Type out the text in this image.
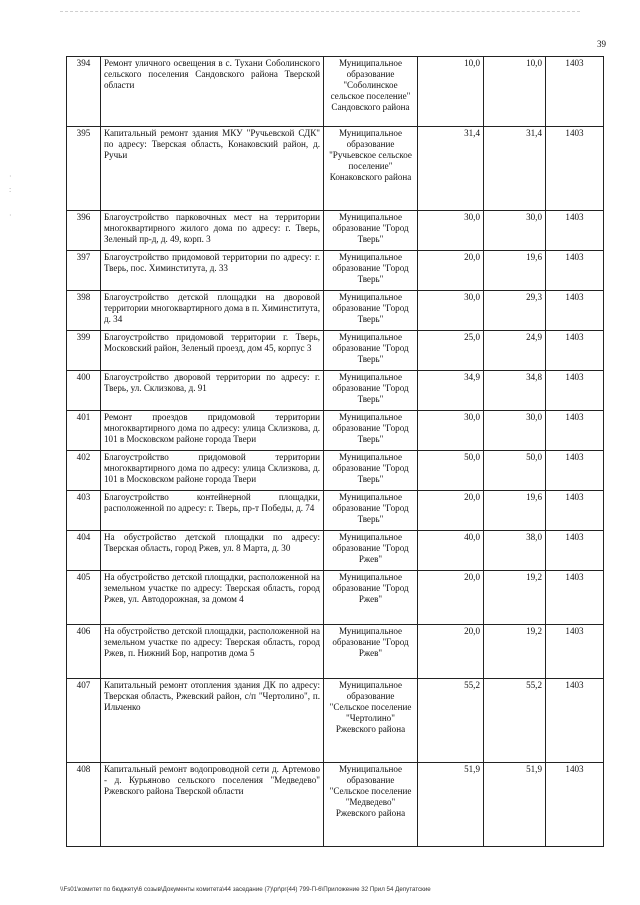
39
·
:

·
394	Ремонт уличного освещения в с. Тухани Соболинского сельского поселения Сандовского района Тверской области	Муниципальное образование "Соболинское сельское поселение" Сандовского района	10,0	10,0	1403
395	Капитальный ремонт здания МКУ "Ручьевской СДК" по адресу: Тверская область, Конаковский район, д. Ручьи	Муниципальное образование "Ручьевское сельское поселение" Конаковского района	31,4	31,4	1403
396	Благоустройство парковочных мест на территории многоквартирного жилого дома по адресу: г. Тверь, Зеленый пр-д, д. 49, корп. 3	Муниципальное образование "Город Тверь"	30,0	30,0	1403
397	Благоустройство придомовой территории по адресу: г. Тверь, пос. Химинститута, д. 33	Муниципальное образование "Город Тверь"	20,0	19,6	1403
398	Благоустройство детской площадки на дворовой территории многоквартирного дома в п. Химинститута, д. 34	Муниципальное образование "Город Тверь"	30,0	29,3	1403
399	Благоустройство придомовой территории г. Тверь, Московский район, Зеленый проезд, дом 45, корпус 3	Муниципальное образование "Город Тверь"	25,0	24,9	1403
400	Благоустройство дворовой территории по адресу: г. Тверь, ул. Склизкова, д. 91	Муниципальное образование "Город Тверь"	34,9	34,8	1403
401	Ремонт проездов придомовой территории многоквартирного дома по адресу: улица Склизкова, д. 101 в Московском районе города Твери	Муниципальное образование "Город Тверь"	30,0	30,0	1403
402	Благоустройство придомовой территории многоквартирного дома по адресу: улица Склизкова, д. 101 в Московском районе города Твери	Муниципальное образование "Город Тверь"	50,0	50,0	1403
403	Благоустройство контейнерной площадки, расположенной по адресу: г. Тверь, пр-т Победы, д. 74	Муниципальное образование "Город Тверь"	20,0	19,6	1403
404	На обустройство детской площадки по адресу: Тверская область, город Ржев, ул. 8 Марта, д. 30	Муниципальное образование "Город Ржев"	40,0	38,0	1403
405	На обустройство детской площадки, расположенной на земельном участке по адресу: Тверская область, город Ржев, ул. Автодорожная, за домом 4	Муниципальное образование "Город Ржев"	20,0	19,2	1403
406	На обустройство детской площадки, расположенной на земельном участке по адресу: Тверская область, город Ржев, п. Нижний Бор, напротив дома 5	Муниципальное образование "Город Ржев"	20,0	19,2	1403
407	Капитальный ремонт отопления здания ДК по адресу: Тверская область, Ржевский район, с/п "Чертолино", п. Ильченко	Муниципальное образование "Сельское поселение "Чертолино" Ржевского района	55,2	55,2	1403
408	Капитальный ремонт водопроводной сети д. Артемово - д. Курьяново сельского поселения "Медведево" Ржевского района Тверской области	Муниципальное образование "Сельское поселение "Медведево" Ржевского района	51,9	51,9	1403
\\Fs01\комитет по бюджету\6 созыв\Документы комитета\44 заседание (7)\pr\pr(44) 799-П-6\Приложение 32 Прил 54 Депутатские
